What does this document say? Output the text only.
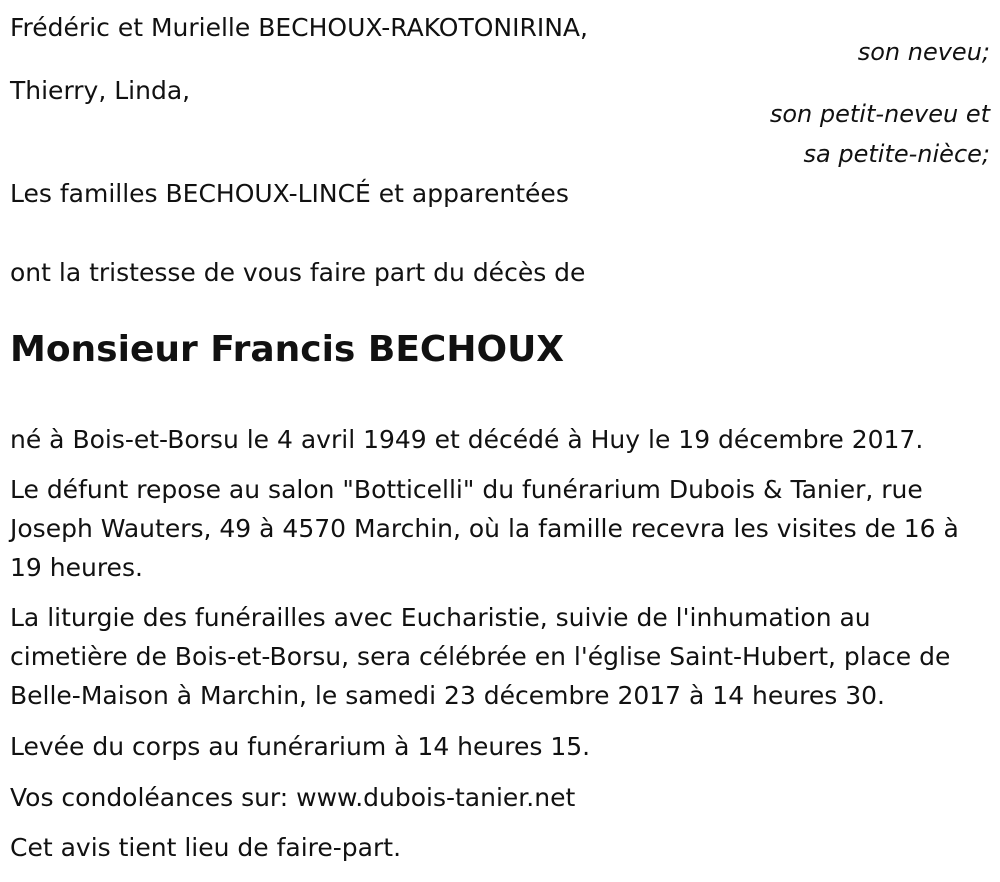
Frédéric et Murielle BECHOUX-RAKOTONIRINA,
son neveu;
Thierry, Linda,
son petit-neveu et
sa petite-nièce;
Les familles BECHOUX-LINCÉ et apparentées
ont la tristesse de vous faire part du décès de
Monsieur Francis BECHOUX
né à Bois-et-Borsu le 4 avril 1949 et décédé à Huy le 19 décembre 2017.
Le défunt repose au salon "Botticelli" du funérarium Dubois & Tanier, rue Joseph Wauters, 49 à 4570 Marchin, où la famille recevra les visites de 16 à 19 heures.
La liturgie des funérailles avec Eucharistie, suivie de l'inhumation au cimetière de Bois-et-Borsu, sera célébrée en l'église Saint-Hubert, place de Belle-Maison à Marchin, le samedi 23 décembre 2017 à 14 heures 30.
Levée du corps au funérarium à 14 heures 15.
Vos condoléances sur: www.dubois-tanier.net
Cet avis tient lieu de faire-part.
